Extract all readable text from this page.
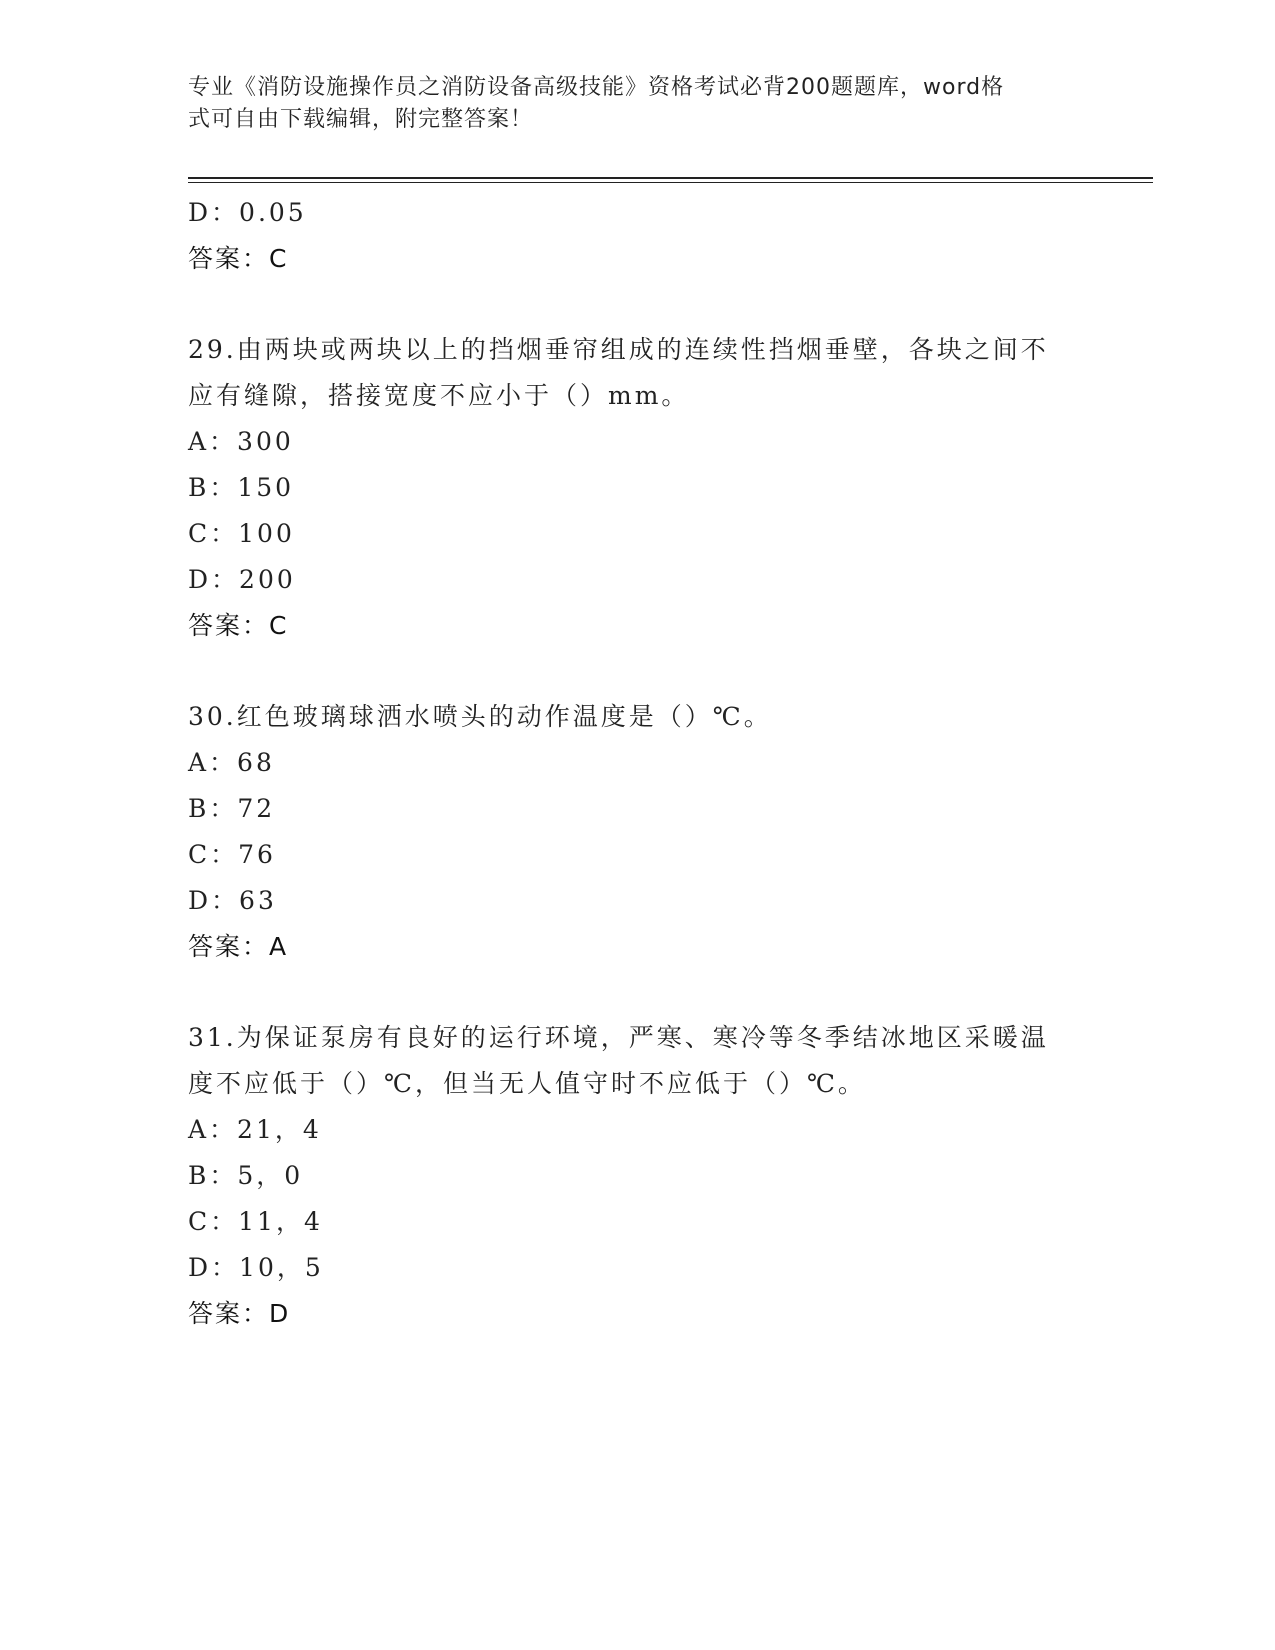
专业《消防设施操作员之消防设备高级技能》资格考试必背200题题库，word格
式可自由下载编辑，附完整答案！
D：0.05
答案：C
29.由两块或两块以上的挡烟垂帘组成的连续性挡烟垂壁，各块之间不
应有缝隙，搭接宽度不应小于（）mm。
A：300
B：150
C：100
D：200
答案：C
30.红色玻璃球洒水喷头的动作温度是（）℃。
A：68
B：72
C：76
D：63
答案：A
31.为保证泵房有良好的运行环境，严寒、寒冷等冬季结冰地区采暖温
度不应低于（）℃，但当无人值守时不应低于（）℃。
A：21，4
B：5，0
C：11，4
D：10，5
答案：D
